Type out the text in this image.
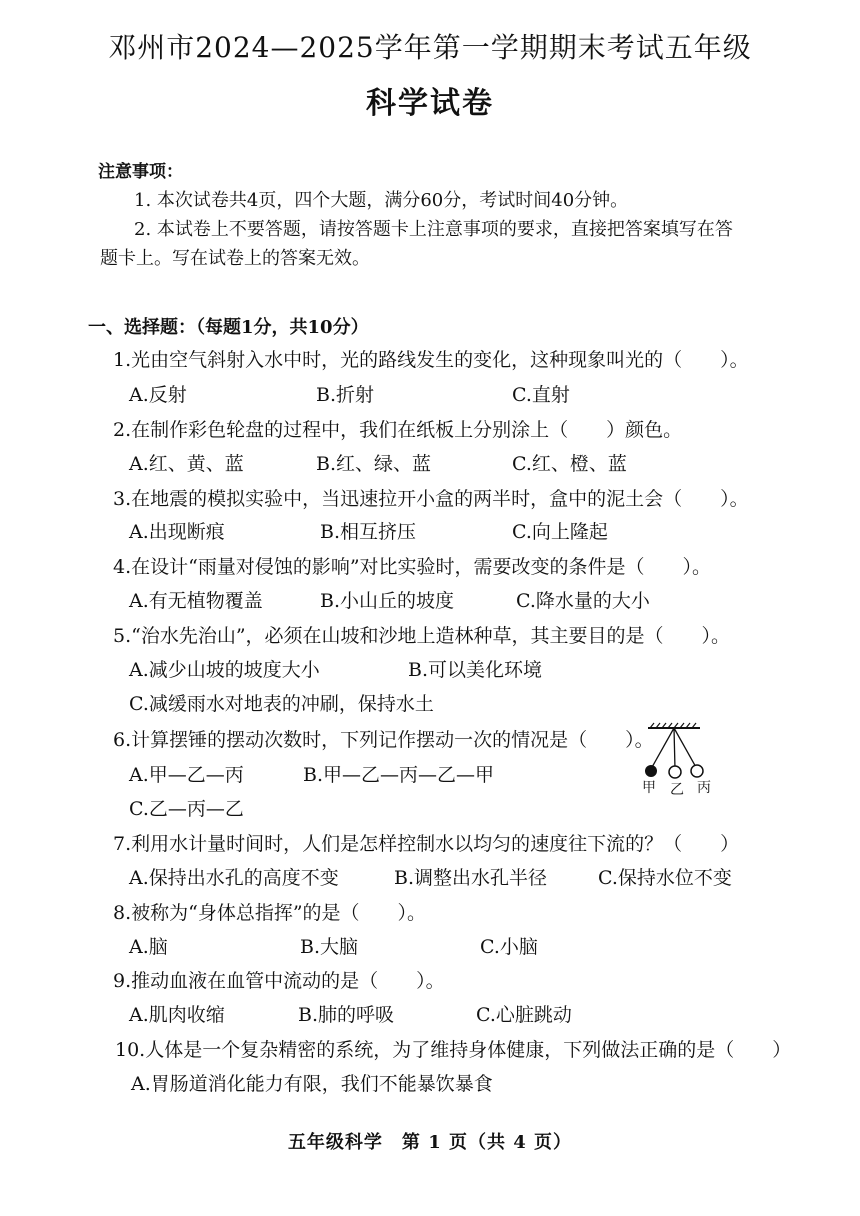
邓州市2024—2025学年第一学期期末考试五年级
科学试卷
注意事项：
1. 本次试卷共4页，四个大题，满分60分，考试时间40分钟。
2. 本试卷上不要答题，请按答题卡上注意事项的要求，直接把答案填写在答
题卡上。写在试卷上的答案无效。
一、选择题：（每题1分，共10分）
1.光由空气斜射入水中时，光的路线发生的变化，这种现象叫光的（　　）。
A.反射	B.折射	C.直射
2.在制作彩色轮盘的过程中，我们在纸板上分别涂上（　　）颜色。
A.红、黄、蓝	B.红、绿、蓝	C.红、橙、蓝
3.在地震的模拟实验中，当迅速拉开小盒的两半时，盒中的泥土会（　　）。
A.出现断痕	B.相互挤压	C.向上隆起
4.在设计“雨量对侵蚀的影响”对比实验时，需要改变的条件是（　　）。
A.有无植物覆盖	B.小山丘的坡度	C.降水量的大小
5.“治水先治山”，必须在山坡和沙地上造林种草，其主要目的是（　　）。
A.减少山坡的坡度大小	B.可以美化环境
C.减缓雨水对地表的冲刷，保持水土
6.计算摆锤的摆动次数时，下列记作摆动一次的情况是（　　）。
A.甲—乙—丙	B.甲—乙—丙—乙—甲
C.乙—丙—乙
甲 乙 丙
7.利用水计量时间时，人们是怎样控制水以均匀的速度往下流的？（　　）
A.保持出水孔的高度不变	B.调整出水孔半径	C.保持水位不变
8.被称为“身体总指挥”的是（　　）。
A.脑	B.大脑	C.小脑
9.推动血液在血管中流动的是（　　）。
A.肌肉收缩	B.肺的呼吸	C.心脏跳动
10.人体是一个复杂精密的系统，为了维持身体健康，下列做法正确的是（　　）
A.胃肠道消化能力有限，我们不能暴饮暴食
五年级科学　第 1 页（共 4 页）
